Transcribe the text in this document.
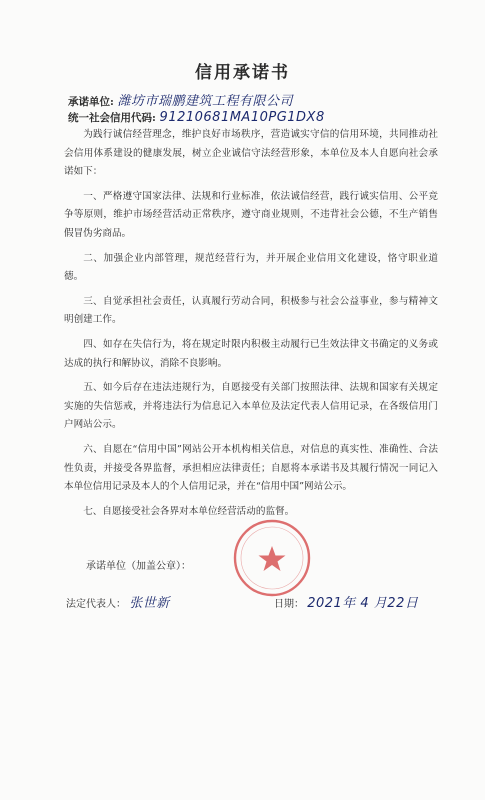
信用承诺书
承诺单位: 潍坊市瑞鹏建筑工程有限公司
统一社会信用代码: 91210681MA10PG1DX8

为践行诚信经营理念，维护良好市场秩序，营造诚实守信的信用环境，共同推动社会信用体系建设的健康发展，树立企业诚信守法经营形象，本单位及本人自愿向社会承诺如下：

一、严格遵守国家法律、法规和行业标准，依法诚信经营，践行诚实信用、公平竞争等原则，维护市场经营活动正常秩序，遵守商业规则，不违背社会公德，不生产销售假冒伪劣商品。

二、加强企业内部管理，规范经营行为，并开展企业信用文化建设，恪守职业道德。

三、自觉承担社会责任，认真履行劳动合同，积极参与社会公益事业，参与精神文明创建工作。

四、如存在失信行为，将在规定时限内积极主动履行已生效法律文书确定的义务或达成的执行和解协议，消除不良影响。

五、如今后存在违法违规行为，自愿接受有关部门按照法律、法规和国家有关规定实施的失信惩戒，并将违法行为信息记入本单位及法定代表人信用记录，在各级信用门户网站公示。

六、自愿在“信用中国”网站公开本机构相关信息，对信息的真实性、准确性、合法性负责，并接受各界监督，承担相应法律责任；自愿将本承诺书及其履行情况一同记入本单位信用记录及本人的个人信用记录，并在“信用中国”网站公示。

七、自愿接受社会各界对本单位经营活动的监督。

承诺单位（加盖公章）：
法定代表人： 张世新	日期： 2021年 4 月22日
